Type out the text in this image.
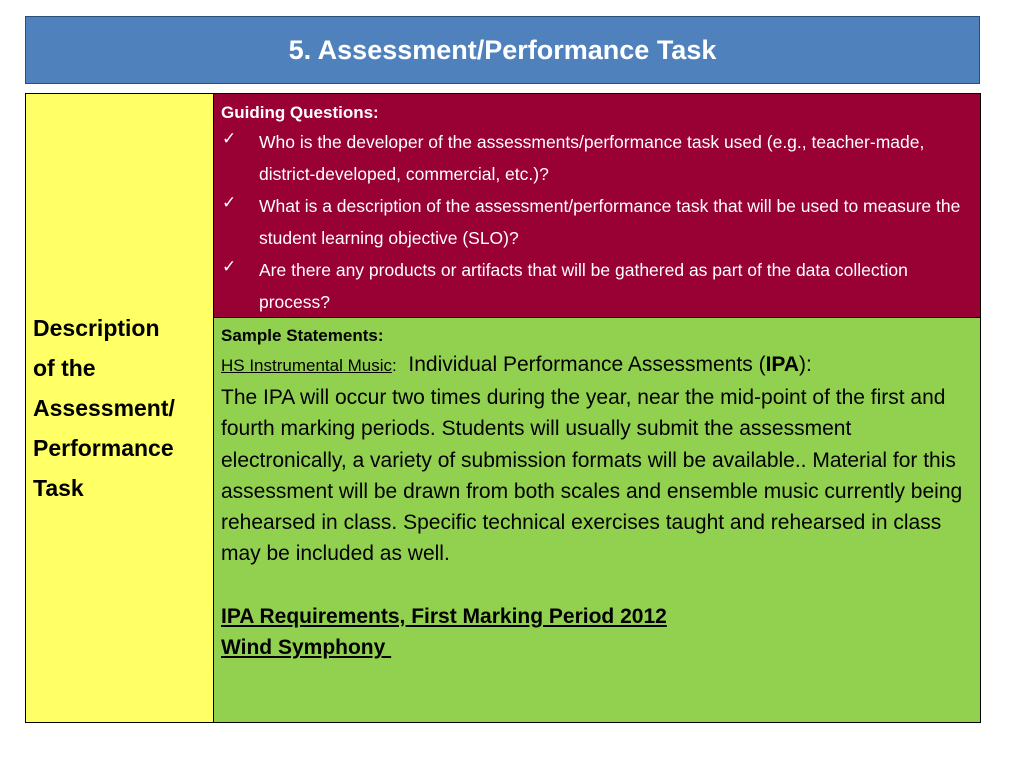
5. Assessment/Performance Task
Description
of the
Assessment/
Performance
Task
Guiding Questions:
✓ Who is the developer of the assessments/performance task used (e.g., teacher-made, district-developed, commercial, etc.)?
✓ What is a description of the assessment/performance task that will be used to measure the student learning objective (SLO)?
✓ Are there any products or artifacts that will be gathered as part of the data collection process?
Sample Statements:
HS Instrumental Music:  Individual Performance Assessments (IPA):

The IPA will occur two times during the year, near the mid-point of the first and fourth marking periods. Students will usually submit the assessment electronically, a variety of submission formats will be available.. Material for this assessment will be drawn from both scales and ensemble music currently being rehearsed in class. Specific technical exercises taught and rehearsed in class may be included as well.

IPA Requirements, First Marking Period 2012
Wind Symphony
